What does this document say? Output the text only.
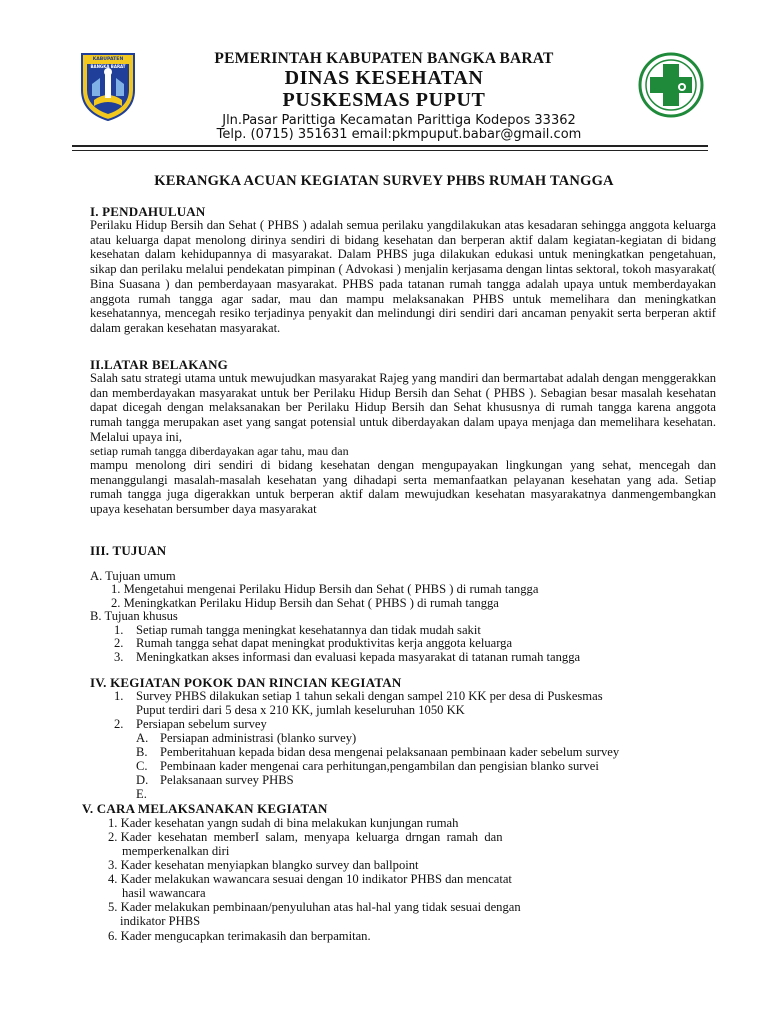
KABUPATEN
BANGKA BARAT	PEMERINTAH KABUPATEN BANGKA BARAT
DINAS KESEHATAN
PUSKESMAS PUPUT
Jln.Pasar Parittiga Kecamatan Parittiga Kodepos 33362
Telp. (0715) 351631 email:pkmpuput.babar@gmail.com
KERANGKA ACUAN KEGIATAN SURVEY PHBS RUMAH TANGGA
I. PENDAHULUAN
Perilaku Hidup Bersih dan Sehat ( PHBS ) adalah semua perilaku yangdilakukan atas kesadaran sehingga anggota keluarga atau keluarga dapat menolong dirinya sendiri di bidang kesehatan dan berperan aktif dalam kegiatan-kegiatan di bidang kesehatan dalam kehidupannya di masyarakat. Dalam PHBS juga dilakukan edukasi untuk meningkatkan pengetahuan, sikap dan perilaku melalui pendekatan pimpinan ( Advokasi ) menjalin kerjasama dengan lintas sektoral, tokoh masyarakat( Bina Suasana ) dan pemberdayaan masyarakat. PHBS pada tatanan rumah tangga adalah upaya untuk memberdayakan anggota rumah tangga agar sadar, mau dan mampu melaksanakan PHBS untuk memelihara dan meningkatkan kesehatannya, mencegah resiko terjadinya penyakit dan melindungi diri sendiri dari ancaman penyakit serta berperan aktif dalam gerakan kesehatan masyarakat.
II.LATAR BELAKANG
Salah satu strategi utama untuk mewujudkan masyarakat Rajeg yang mandiri dan bermartabat adalah dengan menggerakkan dan memberdayakan masyarakat untuk ber Perilaku Hidup Bersih dan Sehat ( PHBS ). Sebagian besar masalah kesehatan dapat dicegah dengan melaksanakan ber Perilaku Hidup Bersih dan Sehat khususnya di rumah tangga karena anggota rumah tangga merupakan aset yang sangat potensial untuk diberdayakan dalam upaya menjaga dan memelihara kesehatan. Melalui upaya ini,
setiap rumah tangga diberdayakan agar tahu, mau dan
mampu menolong diri sendiri di bidang kesehatan dengan mengupayakan lingkungan yang sehat, mencegah dan menanggulangi masalah-masalah kesehatan yang dihadapi serta memanfaatkan pelayanan kesehatan yang ada. Setiap rumah tangga juga digerakkan untuk berperan aktif dalam mewujudkan kesehatan masyarakatnya danmengembangkan upaya kesehatan bersumber daya masyarakat
III. TUJUAN
A. Tujuan umum
1. Mengetahui mengenai Perilaku Hidup Bersih dan Sehat ( PHBS ) di rumah tangga
2. Meningkatkan Perilaku Hidup Bersih dan Sehat ( PHBS ) di rumah tangga
B. Tujuan khusus
1. Setiap rumah tangga meningkat kesehatannya dan tidak mudah sakit
2. Rumah tangga sehat dapat meningkat produktivitas kerja anggota keluarga
3. Meningkatkan akses informasi dan evaluasi kepada masyarakat di tatanan rumah tangga
IV. KEGIATAN POKOK DAN RINCIAN KEGIATAN
1. Survey PHBS dilakukan setiap 1 tahun sekali dengan sampel 210 KK per desa di Puskesmas
Puput terdiri dari 5 desa x 210 KK, jumlah keseluruhan 1050 KK
2. Persiapan sebelum survey
A. Persiapan administrasi (blanko survey)
B. Pemberitahuan kepada bidan desa mengenai pelaksanaan pembinaan kader sebelum survey
C. Pembinaan kader mengenai cara perhitungan,pengambilan dan pengisian blanko survei
D. Pelaksanaan survey PHBS
E.
V. CARA MELAKSANAKAN KEGIATAN
1. Kader kesehatan yangn sudah di bina melakukan kunjungan rumah
2. Kader  kesehatan  memberI  salam,  menyapa  keluarga  drngan  ramah  dan
memperkenalkan diri
3. Kader kesehatan menyiapkan blangko survey dan ballpoint
4. Kader melakukan wawancara sesuai dengan 10 indikator PHBS dan mencatat
hasil wawancara
5. Kader melakukan pembinaan/penyuluhan atas hal-hal yang tidak sesuai dengan
indikator PHBS
6. Kader mengucapkan terimakasih dan berpamitan.
